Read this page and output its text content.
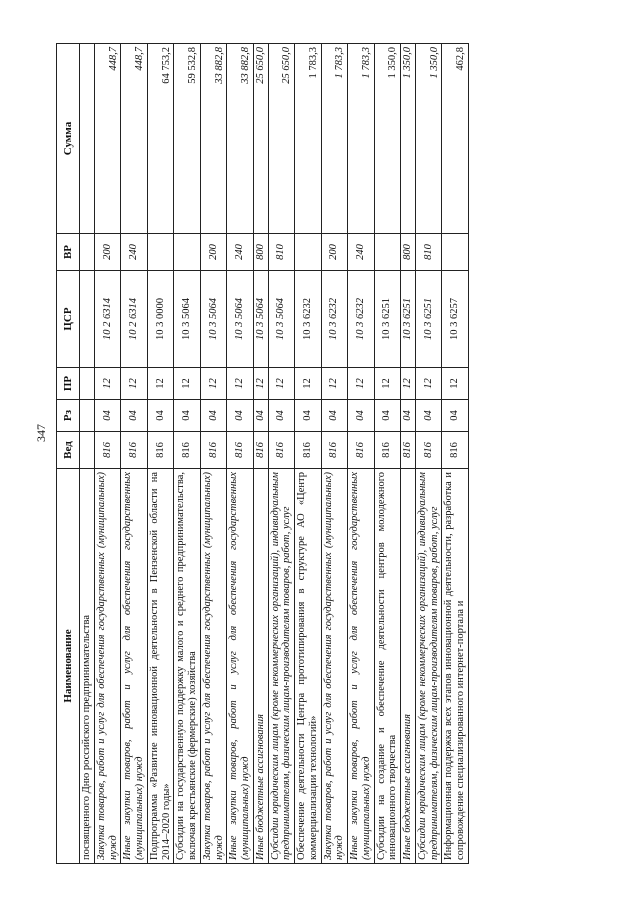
347
Наименование	Вед	Рз	ПР	ЦСР	ВР	Сумма

посвященного Дню российского предпринимательства						

Закупка товаров, работ и услуг для обеспечения государственных (муниципальных) нужд	816	04	12	10 2 6314	200	448,7

Иные закупки товаров, работ и услуг для обеспечения государственных (муниципальных) нужд	816	04	12	10 2 6314	240	448,7

Подпрограмма «Развитие инновационной деятельности в Пензенской области на 2014–2020 годы»	816	04	12	10 3 0000		64 753,2

Субсидии на государственную поддержку малого и среднего предпринимательства, включая крестьянские (фермерские) хозяйства	816	04	12	10 3 5064		59 532,8

Закупка товаров, работ и услуг для обеспечения государственных (муниципальных) нужд	816	04	12	10 3 5064	200	33 882,8

Иные закупки товаров, работ и услуг для обеспечения государственных (муниципальных) нужд	816	04	12	10 3 5064	240	33 882,8

Иные бюджетные ассигнования	816	04	12	10 3 5064	800	25 650,0

Субсидии юридическим лицам (кроме некоммерческих организаций), индивидуальным предпринимателям, физическим лицам-производителям товаров, работ, услуг	816	04	12	10 3 5064	810	25 650,0

Обеспечение деятельности Центра прототипирования в структуре АО «Центр коммерциализации технологий»	816	04	12	10 3 6232		1 783,3

Закупка товаров, работ и услуг для обеспечения государственных (муниципальных) нужд	816	04	12	10 3 6232	200	1 783,3

Иные закупки товаров, работ и услуг для обеспечения государственных (муниципальных) нужд	816	04	12	10 3 6232	240	1 783,3

Субсидии на создание и обеспечение деятельности центров молодежного инновационного творчества	816	04	12	10 3 6251		1 350,0

Иные бюджетные ассигнования	816	04	12	10 3 6251	800	1 350,0

Субсидии юридическим лицам (кроме некоммерческих организаций), индивидуальным предпринимателям, физическим лицам-производителям товаров, работ, услуг	816	04	12	10 3 6251	810	1 350,0

Информационная поддержка всех этапов инновационной деятельности, разработка и сопровождение специализированного интернет-портала и	816	04	12	10 3 6257		462,8
